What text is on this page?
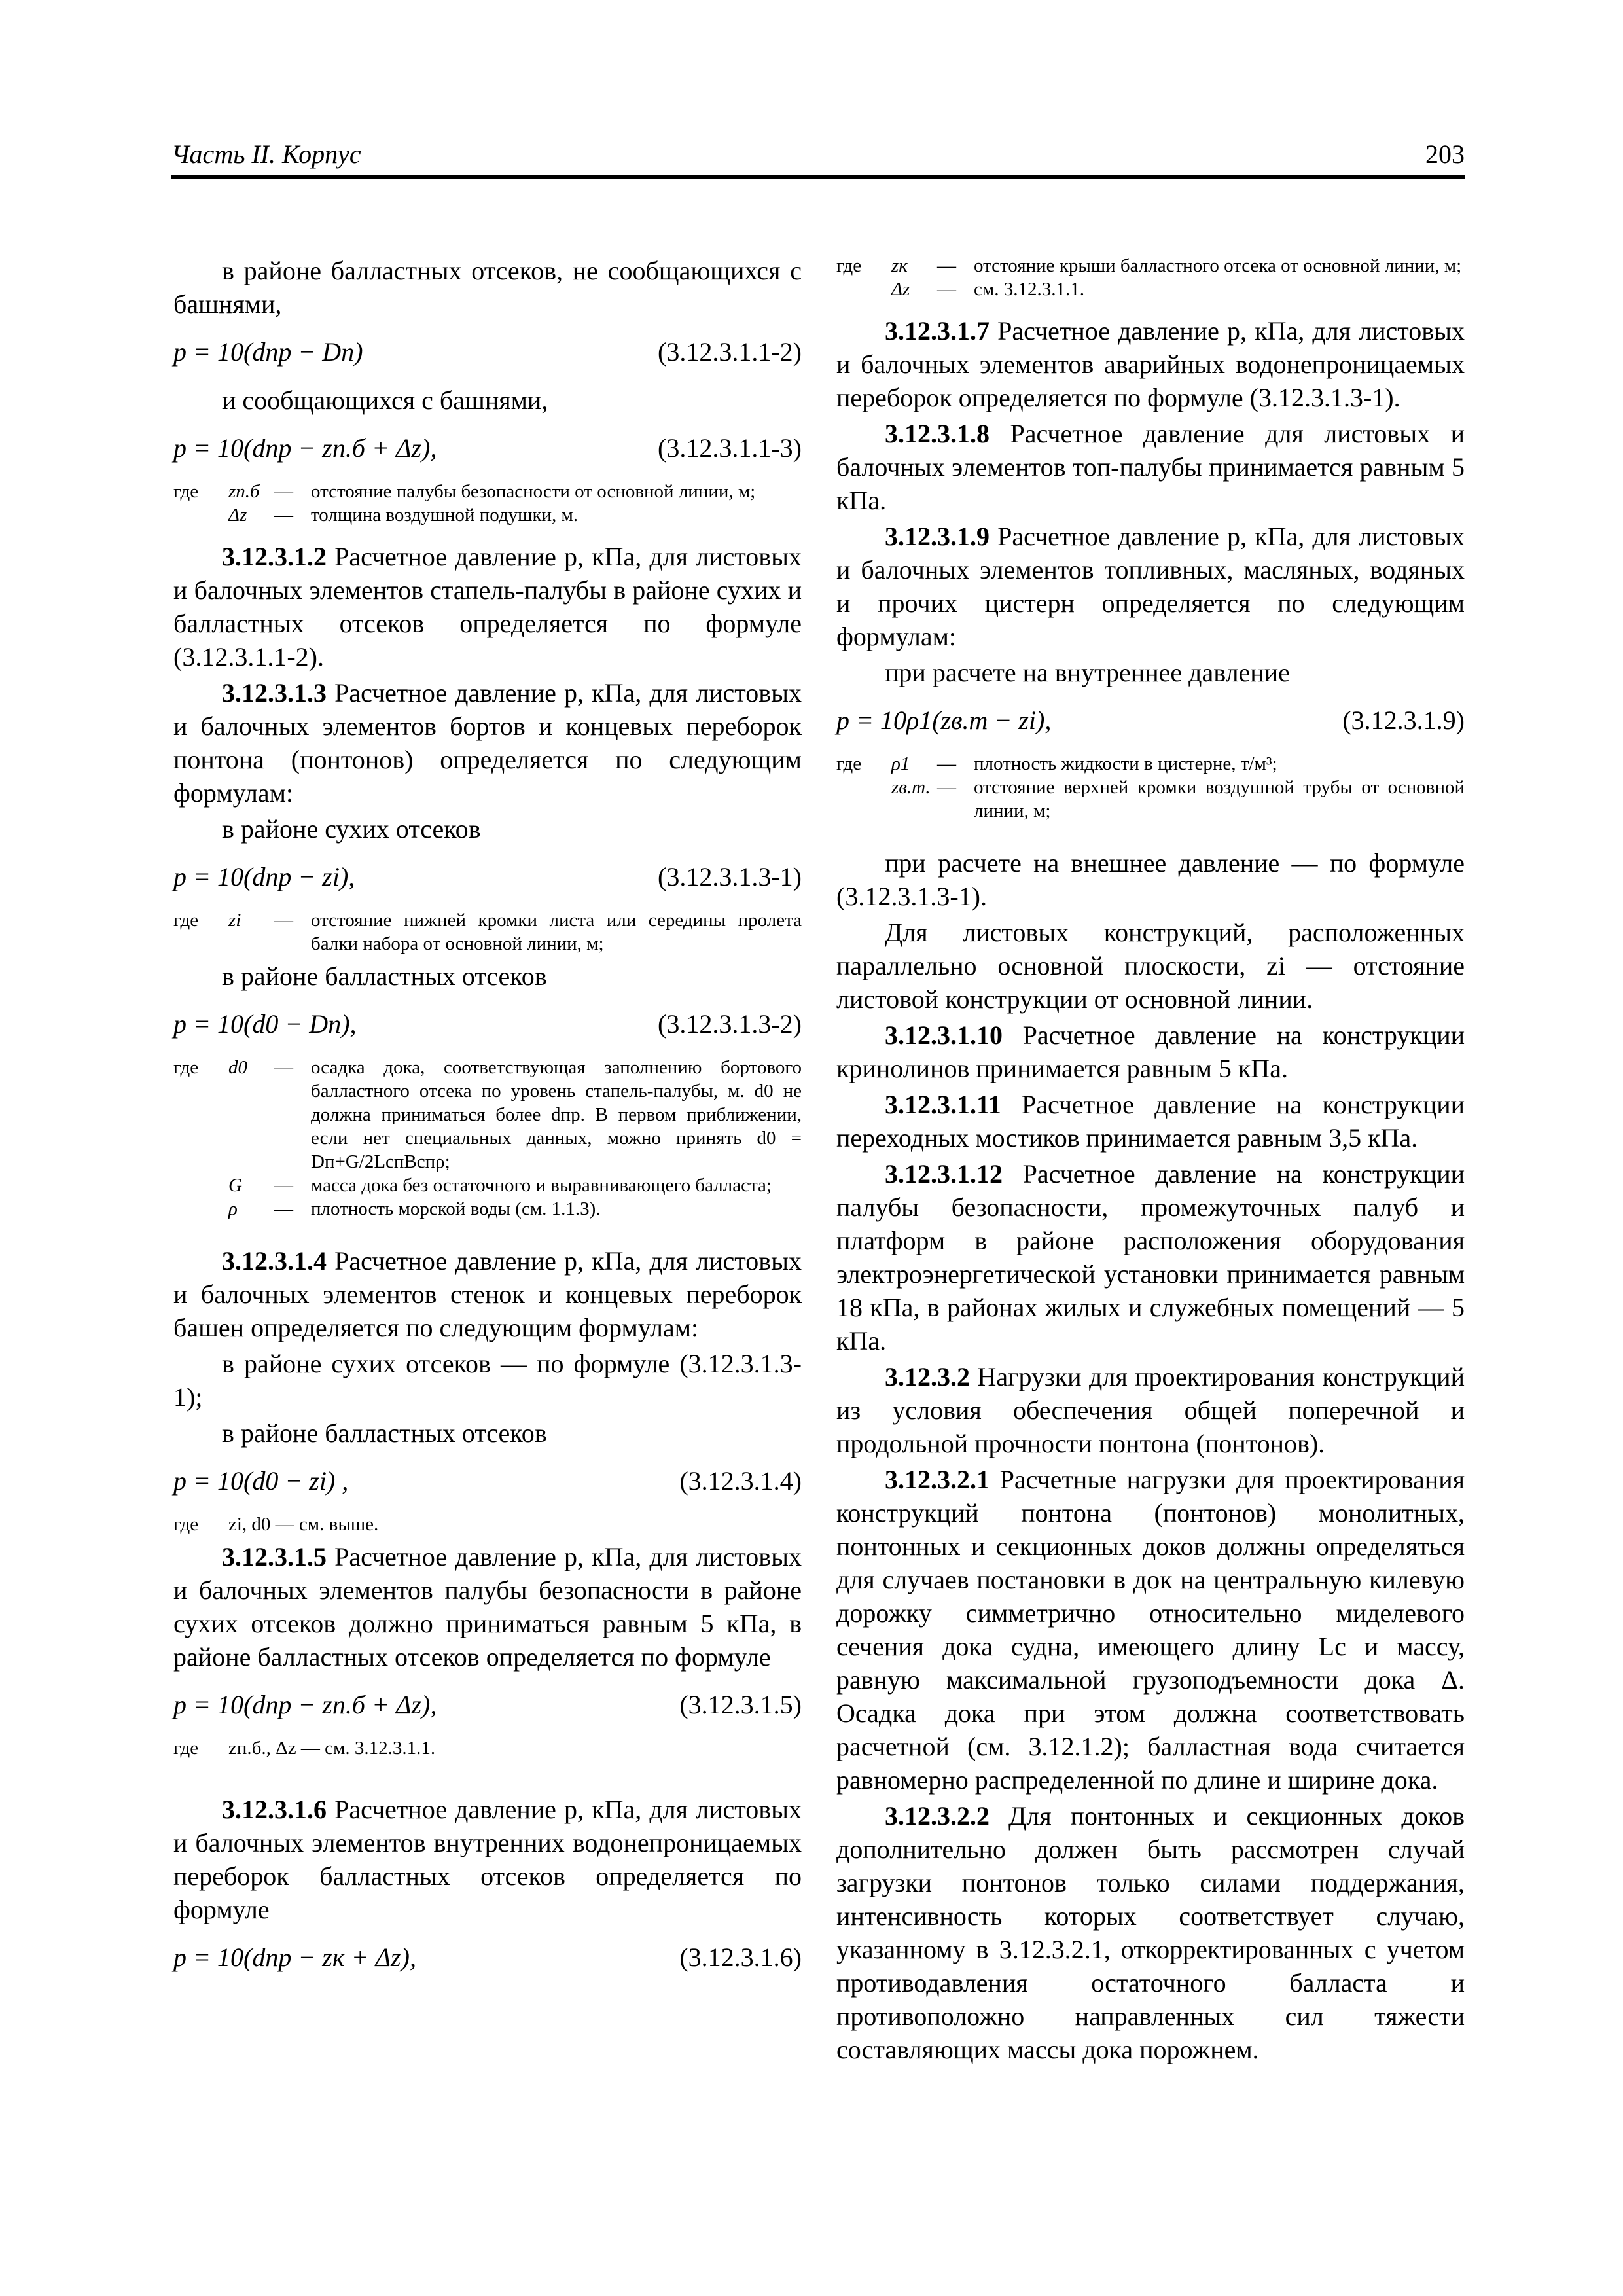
Часть II. Корпус	203

в районе балластных отсеков, не сообщающихся с башнями,

p = 10(dпр − Dп)	(3.12.3.1.1-2)

и сообщающихся с башнями,

p = 10(dпр − zп.б + Δz),	(3.12.3.1.1-3)
где	zп.б — отстояние палубы безопасности от основной линии, м;
Δz	— толщина воздушной подушки, м.

3.12.3.1.2 Расчетное давление p, кПа, для листовых и балочных элементов стапель-палубы в районе сухих и балластных отсеков определяется по формуле (3.12.3.1.1-2).

3.12.3.1.3 Расчетное давление p, кПа, для листовых и балочных элементов бортов и концевых переборок понтона (понтонов) определяется по следующим формулам:

в районе сухих отсеков

p = 10(dпр − zi),	(3.12.3.1.3-1)
где	zi	— отстояние нижней кромки листа или середины пролета балки набора от основной линии, м;

в районе балластных отсеков

p = 10(d0 − Dп),	(3.12.3.1.3-2)
где	d0	— осадка дока, соответствующая заполнению бортового балластного отсека по уровень стапель-палубы, м. d0 не должна приниматься более dпр. В первом приближении, если нет специальных данных, можно принять d0 = Dп+G/2LспBспρ;
G	— масса дока без остаточного и выравнивающего балласта;
ρ	— плотность морской воды (см. 1.1.3).

3.12.3.1.4 Расчетное давление p, кПа, для листовых и балочных элементов стенок и концевых переборок башен определяется по следующим формулам:

в районе сухих отсеков — по формуле (3.12.3.1.3-1);

в районе балластных отсеков

p = 10(d0 − zi) ,	(3.12.3.1.4)
где	zi, d0 — см. выше.

3.12.3.1.5 Расчетное давление p, кПа, для листовых и балочных элементов палубы безопасности в районе сухих отсеков должно приниматься равным 5 кПа, в районе балластных отсеков определяется по формуле

p = 10(dпр − zп.б + Δz),	(3.12.3.1.5)
где	zп.б., Δz — см. 3.12.3.1.1.

3.12.3.1.6 Расчетное давление p, кПа, для листовых и балочных элементов внутренних водонепроницаемых переборок балластных отсеков определяется по формуле

p = 10(dпр − zк + Δz),	(3.12.3.1.6)
где	zк	— отстояние крыши балластного отсека от основной линии, м;
Δz	— см. 3.12.3.1.1.

3.12.3.1.7 Расчетное давление p, кПа, для листовых и балочных элементов аварийных водонепроницаемых переборок определяется по формуле (3.12.3.1.3-1).

3.12.3.1.8 Расчетное давление для листовых и балочных элементов топ-палубы принимается равным 5 кПа.

3.12.3.1.9 Расчетное давление p, кПа, для листовых и балочных элементов топливных, масляных, водяных и прочих цистерн определяется по следующим формулам:

при расчете на внутреннее давление

p = 10ρ1(zв.т − zi),	(3.12.3.1.9)
где	ρ1	— плотность жидкости в цистерне, т/м³;
zв.т. — отстояние верхней кромки воздушной трубы от основной линии, м;

при расчете на внешнее давление — по формуле (3.12.3.1.3-1).

Для листовых конструкций, расположенных параллельно основной плоскости, zi — отстояние листовой конструкции от основной линии.

3.12.3.1.10 Расчетное давление на конструкции кринолинов принимается равным 5 кПа.

3.12.3.1.11 Расчетное давление на конструкции переходных мостиков принимается равным 3,5 кПа.

3.12.3.1.12 Расчетное давление на конструкции палубы безопасности, промежуточных палуб и платформ в районе расположения оборудования электроэнергетической установки принимается равным 18 кПа, в районах жилых и служебных помещений — 5 кПа.

3.12.3.2 Нагрузки для проектирования конструкций из условия обеспечения общей поперечной и продольной прочности понтона (понтонов).

3.12.3.2.1 Расчетные нагрузки для проектирования конструкций понтона (понтонов) монолитных, понтонных и секционных доков должны определяться для случаев постановки в док на центральную килевую дорожку симметрично относительно миделевого сечения дока судна, имеющего длину Lс и массу, равную максимальной грузоподъемности дока Δ. Осадка дока при этом должна соответствовать расчетной (см. 3.12.1.2); балластная вода считается равномерно распределенной по длине и ширине дока.

3.12.3.2.2 Для понтонных и секционных доков дополнительно должен быть рассмотрен случай загрузки понтонов только силами поддержания, интенсивность которых соответствует случаю, указанному в 3.12.3.2.1, откорректированных с учетом противодавления остаточного балласта и противоположно направленных сил тяжести составляющих массы дока порожнем.
